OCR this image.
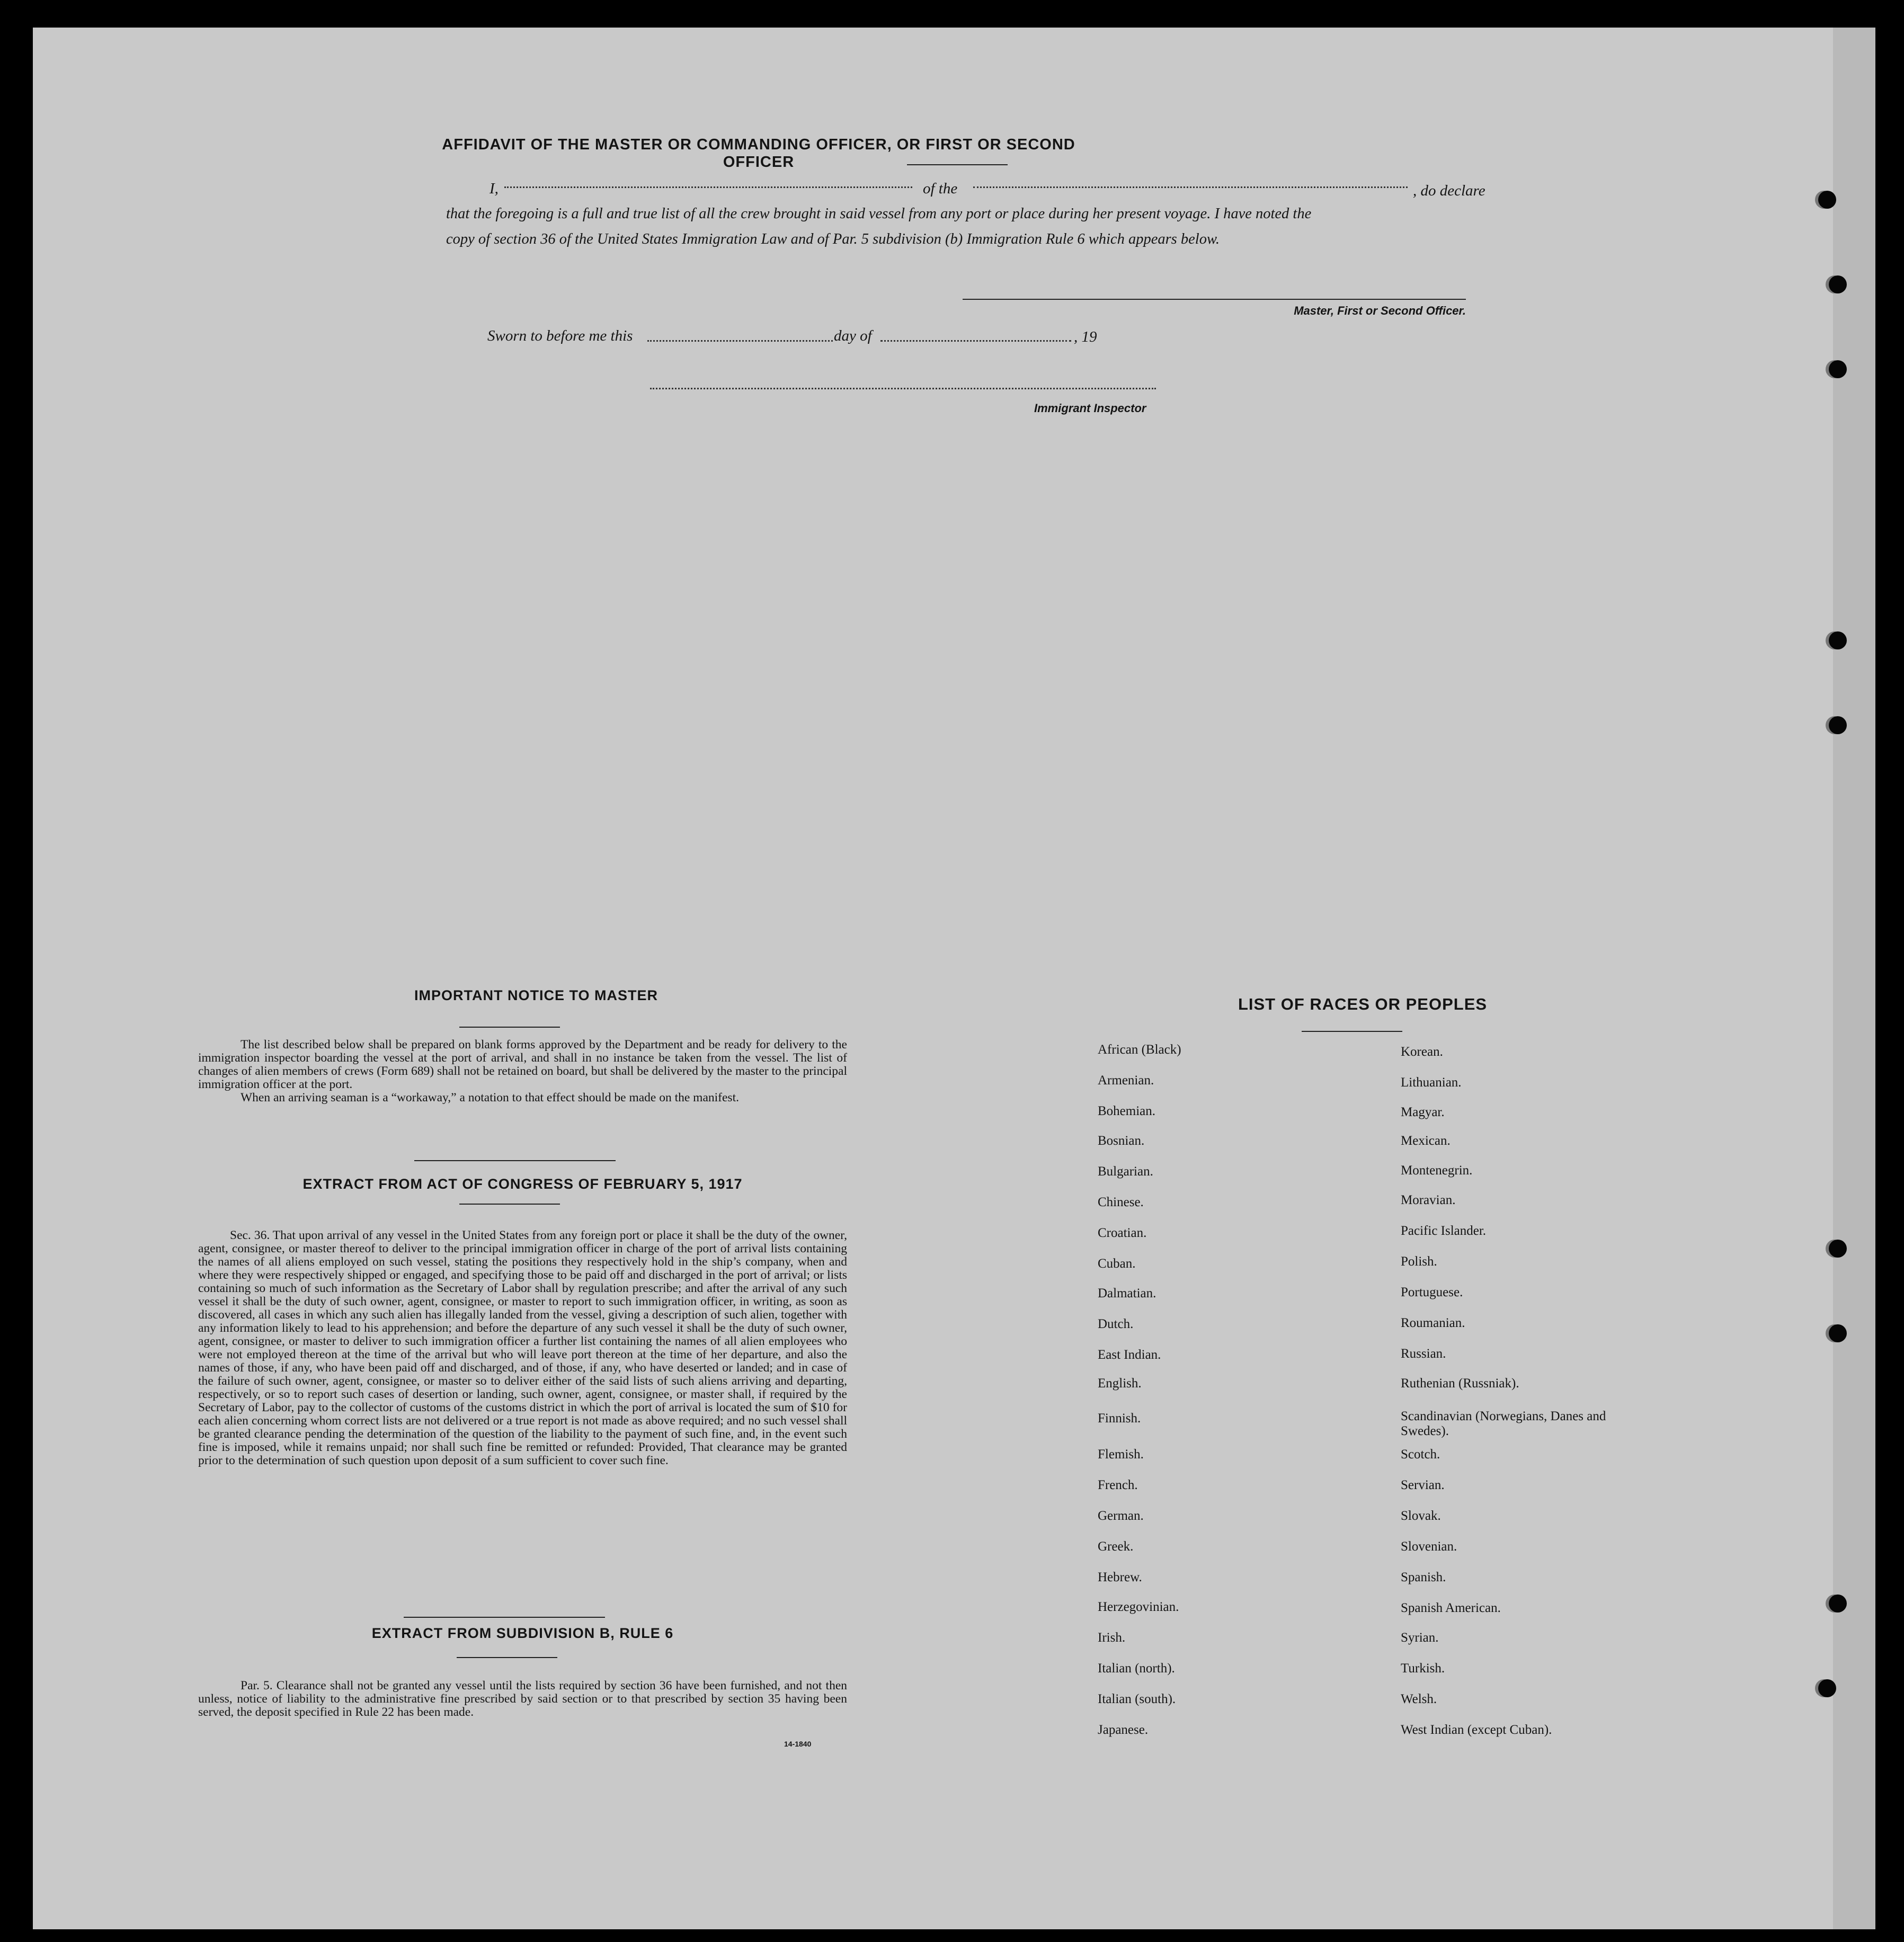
AFFIDAVIT OF THE MASTER OR COMMANDING OFFICER, OR FIRST OR SECOND OFFICER
I,	of the	, do declare
that the foregoing is a full and true list of all the crew brought in said vessel from any port or place during her present voyage. I have noted the
copy of section 36 of the United States Immigration Law and of Par. 5 subdivision (b) Immigration Rule 6 which appears below.
Master, First or Second Officer.
Sworn to before me this	day of	, 19
Immigrant Inspector
IMPORTANT NOTICE TO MASTER

The list described below shall be prepared on blank forms approved by the Department and be ready for delivery to the immigration inspector boarding the vessel at the port of arrival, and shall in no instance be taken from the vessel. The list of changes of alien members of crews (Form 689) shall not be retained on board, but shall be delivered by the master to the principal immigration officer at the port.

When an arriving seaman is a “workaway,” a notation to that effect should be made on the manifest.

EXTRACT FROM ACT OF CONGRESS OF FEBRUARY 5, 1917
Sec. 36. That upon arrival of any vessel in the United States from any foreign port or place it shall be the duty of the owner, agent, consignee, or master thereof to deliver to the principal immigration officer in charge of the port of arrival lists containing the names of all aliens employed on such vessel, stating the positions they respectively hold in the ship’s company, when and where they were respectively shipped or engaged, and specifying those to be paid off and discharged in the port of arrival; or lists containing so much of such information as the Secretary of Labor shall by regulation prescribe; and after the arrival of any such vessel it shall be the duty of such owner, agent, consignee, or master to report to such immigration officer, in writing, as soon as discovered, all cases in which any such alien has illegally landed from the vessel, giving a description of such alien, together with any information likely to lead to his apprehension; and before the departure of any such vessel it shall be the duty of such owner, agent, consignee, or master to deliver to such immigration officer a further list containing the names of all alien employees who were not employed thereon at the time of the arrival but who will leave port thereon at the time of her departure, and also the names of those, if any, who have been paid off and discharged, and of those, if any, who have deserted or landed; and in case of the failure of such owner, agent, consignee, or master so to deliver either of the said lists of such aliens arriving and departing, respectively, or so to report such cases of desertion or landing, such owner, agent, consignee, or master shall, if required by the Secretary of Labor, pay to the collector of customs of the customs district in which the port of arrival is located the sum of $10 for each alien concerning whom correct lists are not delivered or a true report is not made as above required; and no such vessel shall be granted clearance pending the determination of the question of the liability to the payment of such fine, and, in the event such fine is imposed, while it remains unpaid; nor shall such fine be remitted or refunded: Provided, That clearance may be granted prior to the determination of such question upon deposit of a sum sufficient to cover such fine.
EXTRACT FROM SUBDIVISION B, RULE 6
Par. 5. Clearance shall not be granted any vessel until the lists required by section 36 have been furnished, and not then unless, notice of liability to the administrative fine prescribed by said section or to that prescribed by section 35 having been served, the deposit specified in Rule 22 has been made.
14-1840
LIST OF RACES OR PEOPLES
African (Black)
Armenian.
Bohemian.
Bosnian.
Bulgarian.
Chinese.
Croatian.
Cuban.
Dalmatian.
Dutch.
East Indian.
English.
Finnish.
Flemish.
French.
German.
Greek.
Hebrew.
Herzegovinian.
Irish.
Italian (north).
Italian (south).
Japanese.
Korean.
Lithuanian.
Magyar.
Mexican.
Montenegrin.
Moravian.
Pacific Islander.
Polish.
Portuguese.
Roumanian.
Russian.
Ruthenian (Russniak).
Scandinavian (Norwegians, Danes and Swedes).
Scotch.
Servian.
Slovak.
Slovenian.
Spanish.
Spanish American.
Syrian.
Turkish.
Welsh.
West Indian (except Cuban).
